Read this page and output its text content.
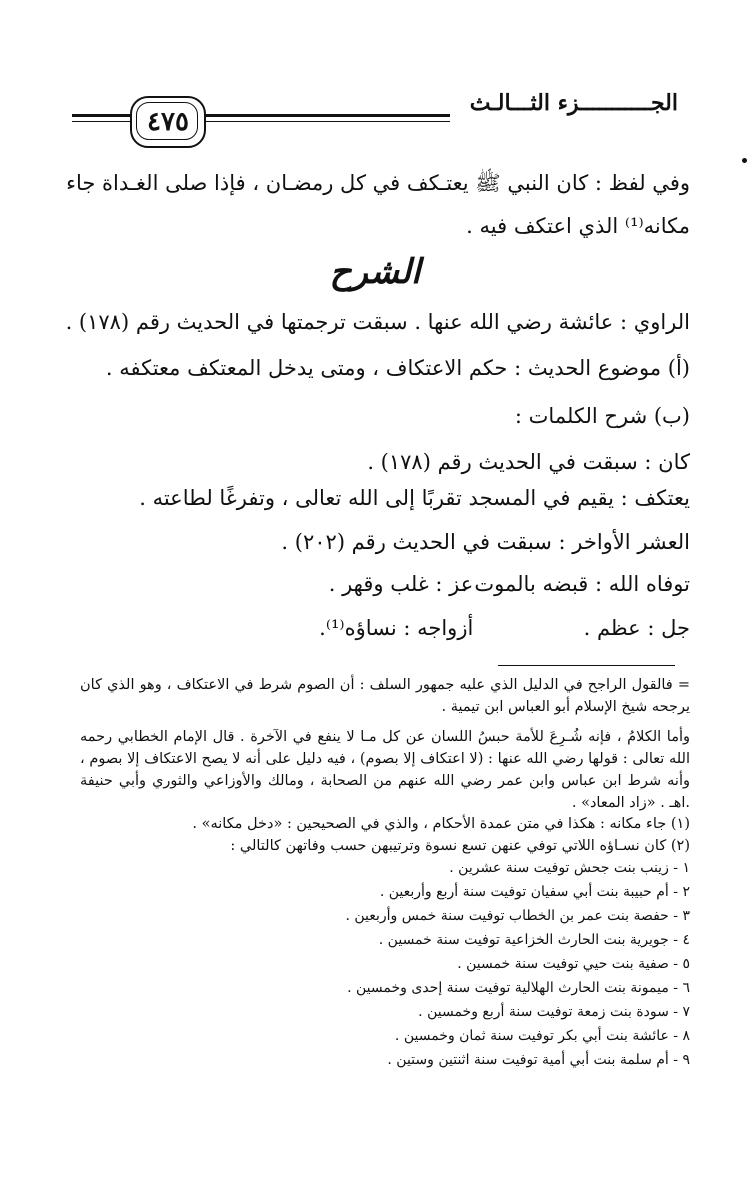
الجـــــــــــزء الثـــالـث
٤٧٥
وفي لفظ : كان النبي ﷺ يعتـكف في كل رمضـان ، فإذا صلى الغـداة جاء
مكانه⁽¹⁾ الذي اعتكف فيه .
الشرح
الراوي : عائشة رضي الله عنها . سبقت ترجمتها في الحديث رقم (١٧٨) .
(أ) موضوع الحديث : حكم الاعتكاف ، ومتى يدخل المعتكف معتكفه .
(ب) شرح الكلمات :
كان : سبقت في الحديث رقم (١٧٨) .
يعتكف : يقيم في المسجد تقربًا إلى الله تعالى ، وتفرغًا لطاعته .
العشر الأواخر : سبقت في الحديث رقم (٢٠٢) .
توفاه الله : قبضه بالموت . عز : غلب وقهر .
جل : عظم . أزواجه : نساؤه⁽¹⁾.
= فالقول الراجح في الدليل الذي عليه جمهور السلف : أن الصوم شرط في الاعتكاف ، وهو الذي كان يرجحه شيخ الإسلام أبو العباس ابن تيمية .
وأما الكلامُ ، فإنه شُـرِعَ للأمة حبسُ اللسان عن كل مـا لا ينفع في الآخرة . قال الإمام الخطابي رحمه الله تعالى : قولها رضي الله عنها : (لا اعتكاف إلا بصوم) ، فيه دليل على أنه لا يصح الاعتكاف إلا بصوم ، وأنه شرط ابن عباس وابن عمر رضي الله عنهم من الصحابة ، ومالك والأوزاعي والثوري وأبي حنيفة .اهـ . «زاد المعاد» .
(١) جاء مكانه : هكذا في متن عمدة الأحكام ، والذي في الصحيحين : «دخل مكانه» .
(٢) كان نسـاؤه اللاتي توفي عنهن تسع نسوة وترتيبهن حسب وفاتهن كالتالي :
١ - زينب بنت جحش توفيت سنة عشرين .
٢ - أم حبيبة بنت أبي سفيان توفيت سنة أربع وأربعين .
٣ - حفصة بنت عمر بن الخطاب توفيت سنة خمس وأربعين .
٤ - جويرية بنت الحارث الخزاعية توفيت سنة خمسين .
٥ - صفية بنت حيي توفيت سنة خمسين .
٦ - ميمونة بنت الحارث الهلالية توفيت سنة إحدى وخمسين .
٧ - سودة بنت زمعة توفيت سنة أربع وخمسين .
٨ - عائشة بنت أبي بكر توفيت سنة ثمان وخمسين .
٩ - أم سلمة بنت أبي أمية توفيت سنة اثنتين وستين .
